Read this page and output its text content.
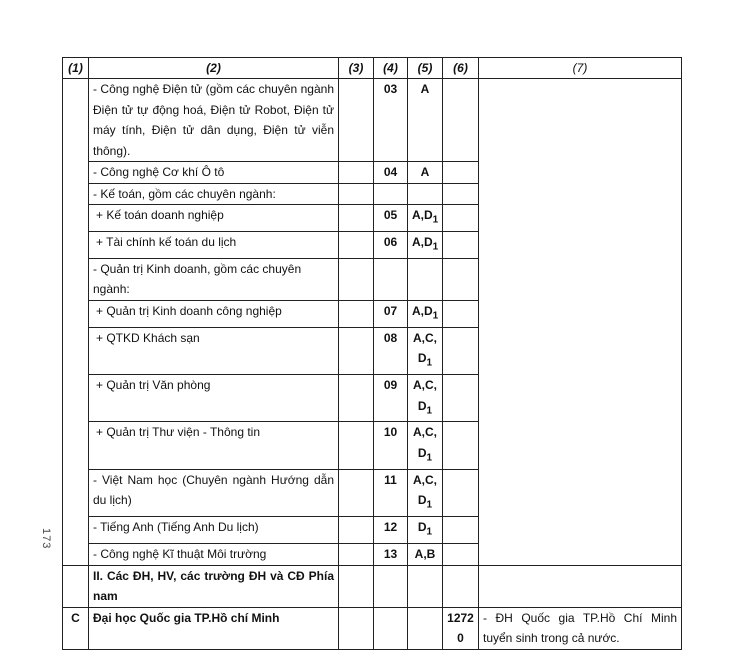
(1)	(2)	(3)	(4)	(5)	(6)	(7)
	- Công nghệ Điện tử (gồm các chuyên ngành Điện tử tự động hoá, Điện tử Robot, Điện tử máy tính, Điện tử dân dụng, Điện tử viễn thông).		03	A		
	- Công nghệ Cơ khí Ô tô		04	A		
	- Kế toán, gồm các chuyên ngành:					
	+ Kế toán doanh nghiệp		05	$A,D_1$	
	+ Tài chính kế toán du lịch		06	$A,D_1$	
	- Quản trị Kinh doanh, gồm các chuyên ngành:					
	+ Quản trị Kinh doanh công nghiệp		07	$A,D_1$	
	+ QTKD Khách sạn		08	A,C,
$D_1$	
	+ Quản trị Văn phòng		09	A,C,
$D_1$	
	+ Quản trị Thư viện - Thông tin		10	A,C,
$D_1$	
	- Việt Nam học (Chuyên ngành Hướng dẫn du lịch)		11	A,C,
$D_1$	
	- Tiếng Anh (Tiếng Anh Du lịch)		12	$D_1$	
	- Công nghệ Kĩ thuật Môi trường		13	A,B		
	II. Các ĐH, HV, các trường ĐH và CĐ Phía nam					
C	Đại học Quốc gia TP.Hồ chí Minh				1272
0	- ĐH Quốc gia TP.Hồ Chí Minh tuyển sinh trong cả nước.
173
